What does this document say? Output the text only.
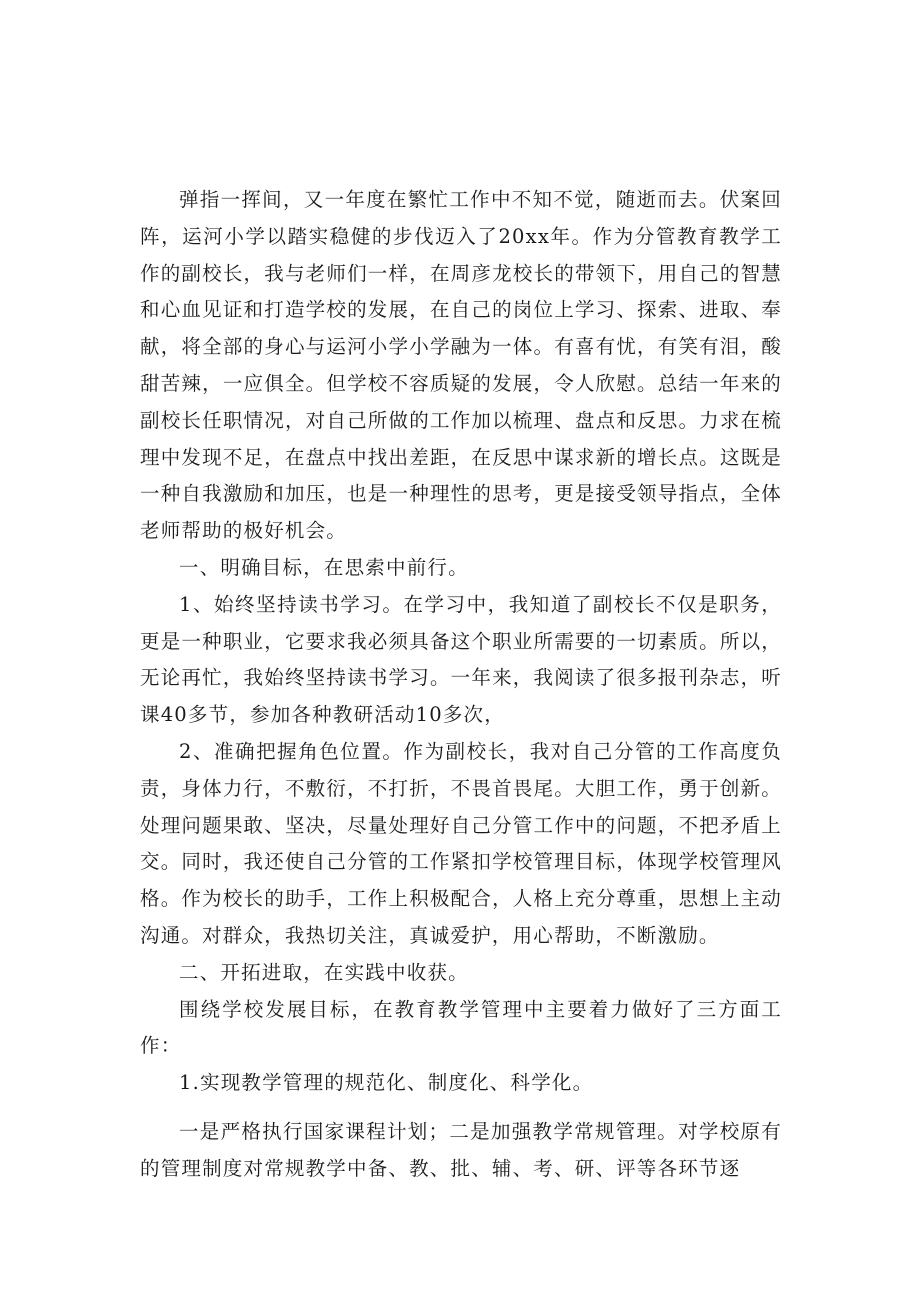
弹指一挥间，又一年度在繁忙工作中不知不觉，随逝而去。伏案回阵，运河小学以踏实稳健的步伐迈入了20xx年。作为分管教育教学工作的副校长，我与老师们一样，在周彦龙校长的带领下，用自己的智慧和心血见证和打造学校的发展，在自己的岗位上学习、探索、进取、奉献，将全部的身心与运河小学小学融为一体。有喜有忧，有笑有泪，酸甜苦辣，一应俱全。但学校不容质疑的发展，令人欣慰。总结一年来的副校长任职情况，对自己所做的工作加以梳理、盘点和反思。力求在梳理中发现不足，在盘点中找出差距，在反思中谋求新的增长点。这既是一种自我激励和加压，也是一种理性的思考，更是接受领导指点，全体老师帮助的极好机会。

一、明确目标，在思索中前行。

1、始终坚持读书学习。在学习中，我知道了副校长不仅是职务，更是一种职业，它要求我必须具备这个职业所需要的一切素质。所以，无论再忙，我始终坚持读书学习。一年来，我阅读了很多报刊杂志，听课40多节，参加各种教研活动10多次，

2、准确把握角色位置。作为副校长，我对自己分管的工作高度负责，身体力行，不敷衍，不打折，不畏首畏尾。大胆工作，勇于创新。处理问题果敢、坚决，尽量处理好自己分管工作中的问题，不把矛盾上交。同时，我还使自己分管的工作紧扣学校管理目标，体现学校管理风格。作为校长的助手，工作上积极配合，人格上充分尊重，思想上主动沟通。对群众，我热切关注，真诚爱护，用心帮助，不断激励。

二、开拓进取，在实践中收获。

围绕学校发展目标，在教育教学管理中主要着力做好了三方面工作：

1.实现教学管理的规范化、制度化、科学化。

一是严格执行国家课程计划；二是加强教学常规管理。对学校原有的管理制度对常规教学中备、教、批、辅、考、研、评等各环节逐
